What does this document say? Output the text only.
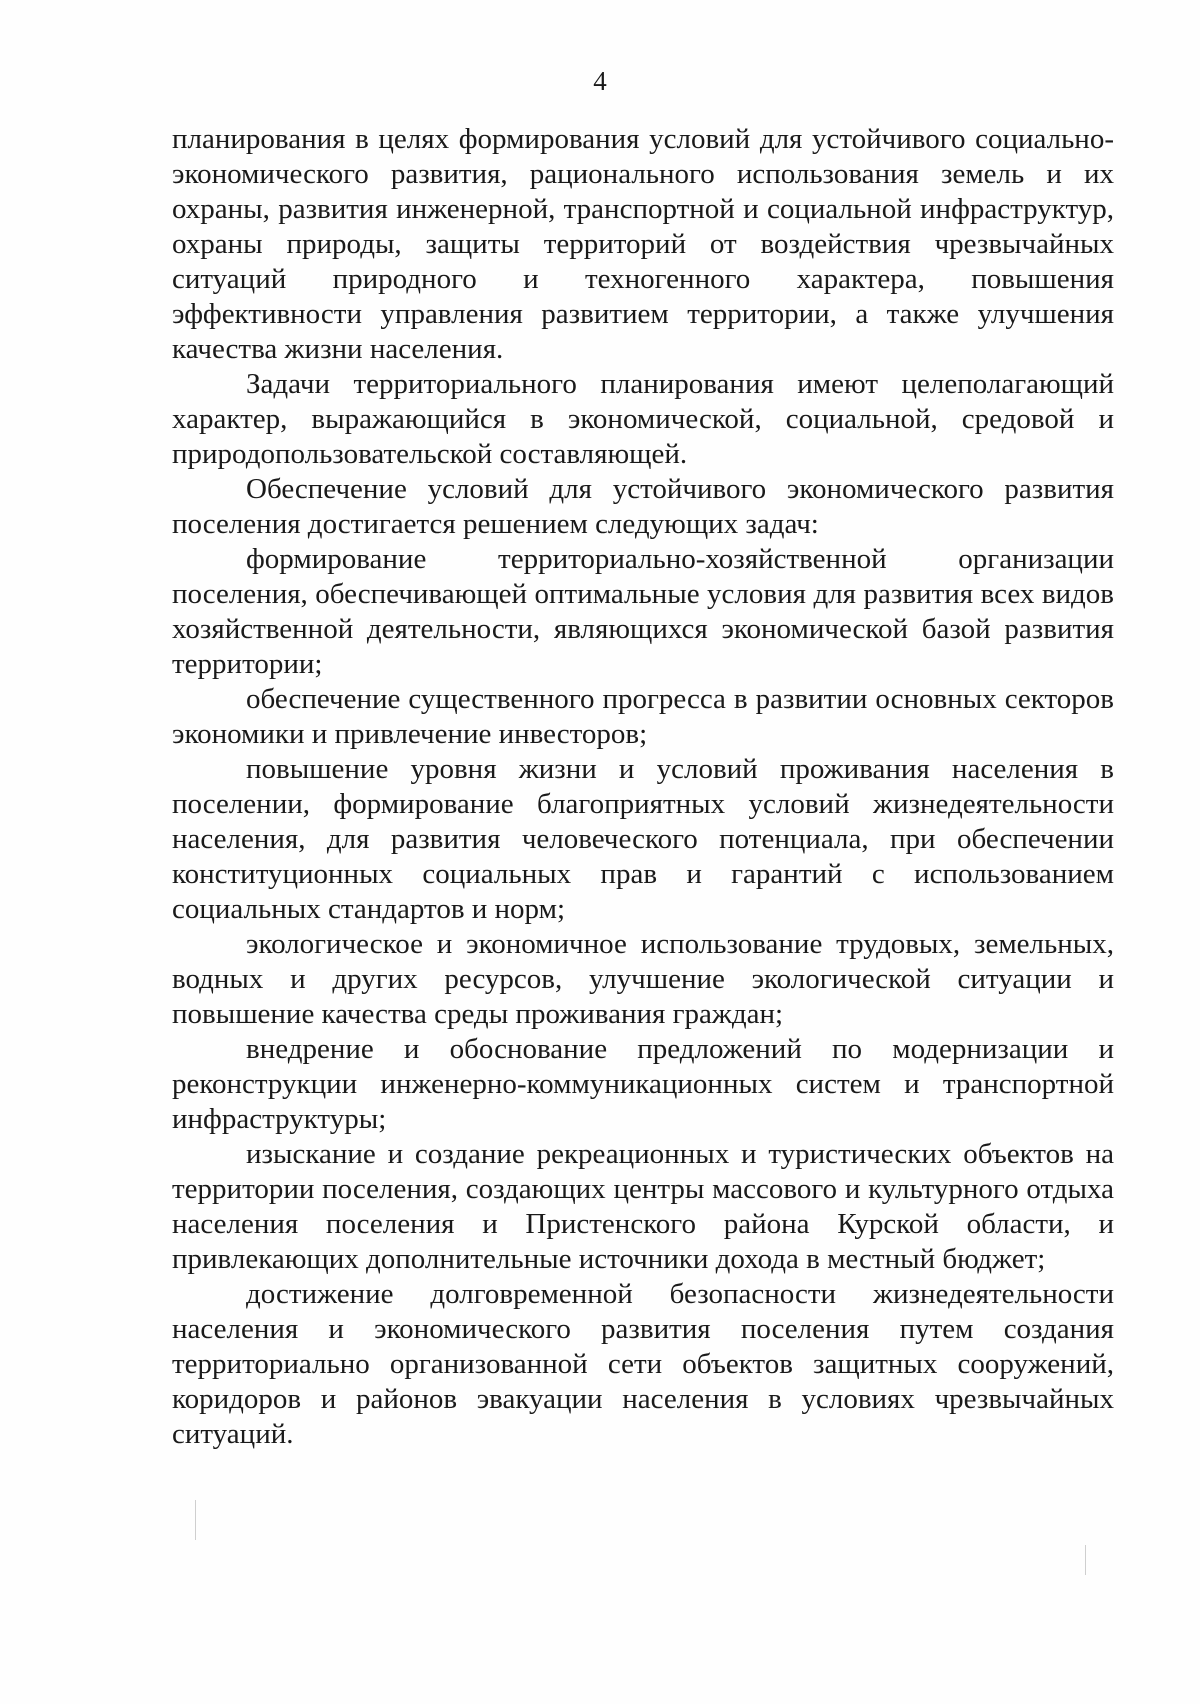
4

планирования в целях формирования условий для устойчивого социально-экономического развития, рационального использования земель и их охраны, развития инженерной, транспортной и социальной инфраструктур, охраны природы, защиты территорий от воздействия чрезвычайных ситуаций природного и техногенного характера, повышения эффективности управления развитием территории, а также улучшения качества жизни населения.

Задачи территориального планирования имеют целеполагающий характер, выражающийся в экономической, социальной, средовой и природопользовательской составляющей.

Обеспечение условий для устойчивого экономического развития поселения достигается решением следующих задач:

формирование территориально-хозяйственной организации поселения, обеспечивающей оптимальные условия для развития всех видов хозяйственной деятельности, являющихся экономической базой развития территории;

обеспечение существенного прогресса в развитии основных секторов экономики и привлечение инвесторов;

повышение уровня жизни и условий проживания населения в поселении, формирование благоприятных условий жизнедеятельности населения, для развития человеческого потенциала, при обеспечении конституционных социальных прав и гарантий с использованием социальных стандартов и норм;

экологическое и экономичное использование трудовых, земельных, водных и других ресурсов, улучшение экологической ситуации и повышение качества среды проживания граждан;

внедрение и обоснование предложений по модернизации и реконструкции инженерно-коммуникационных систем и транспортной инфраструктуры;

изыскание и создание рекреационных и туристических объектов на территории поселения, создающих центры массового и культурного отдыха населения поселения и Пристенского района Курской области, и привлекающих дополнительные источники дохода в местный бюджет;

достижение долговременной безопасности жизнедеятельности населения и экономического развития поселения путем создания территориально организованной сети объектов защитных сооружений, коридоров и районов эвакуации населения в условиях чрезвычайных ситуаций.
